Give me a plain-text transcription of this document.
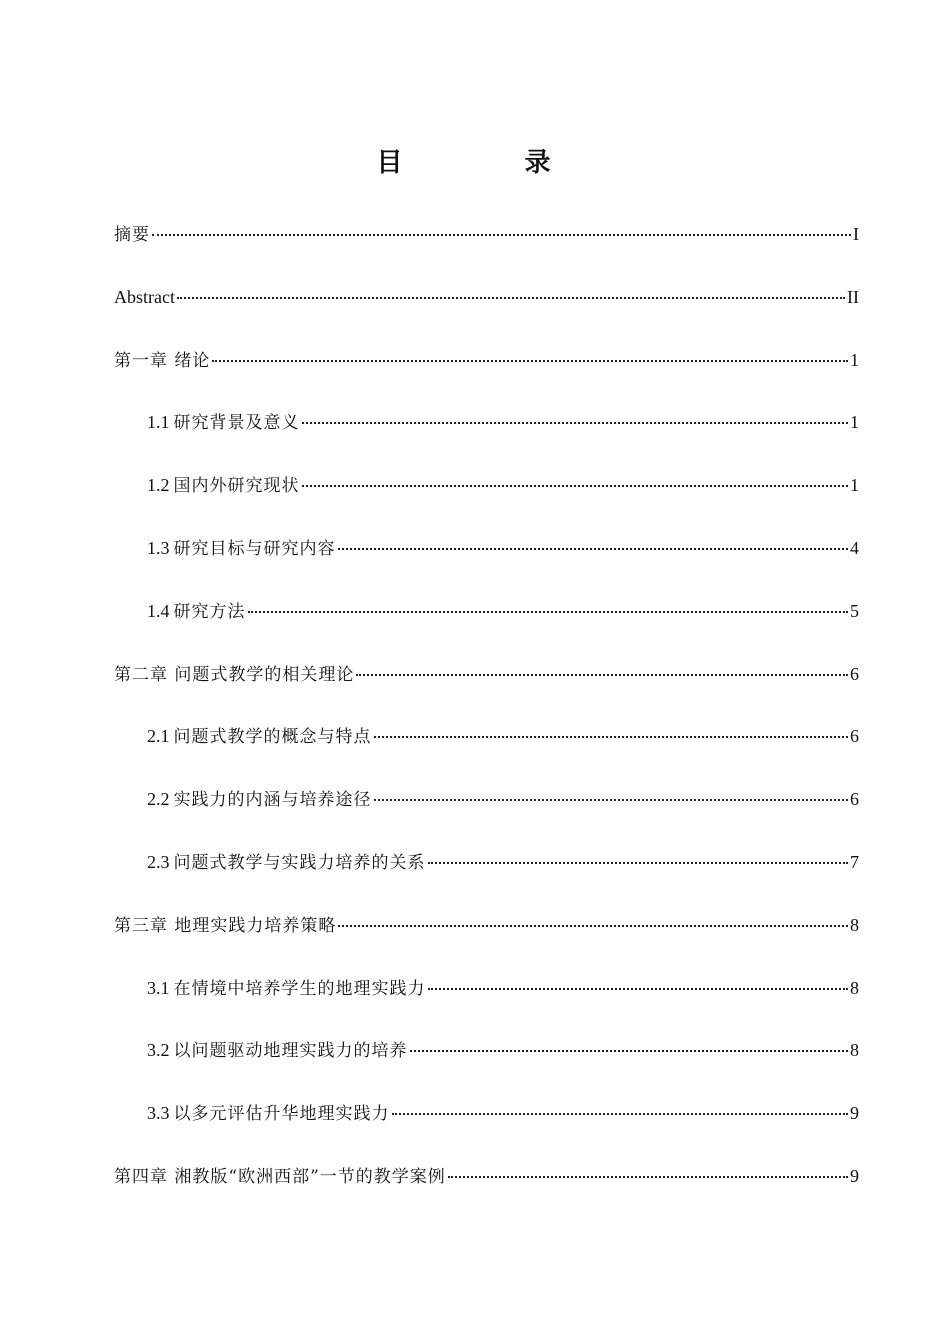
目　录
摘要	I
Abstract	II
第一章 绪论	1
1.1 研究背景及意义	1
1.2 国内外研究现状	1
1.3 研究目标与研究内容	4
1.4 研究方法	5
第二章 问题式教学的相关理论	6
2.1 问题式教学的概念与特点	6
2.2 实践力的内涵与培养途径	6
2.3 问题式教学与实践力培养的关系	7
第三章 地理实践力培养策略	8
3.1 在情境中培养学生的地理实践力	8
3.2 以问题驱动地理实践力的培养	8
3.3 以多元评估升华地理实践力	9
第四章 湘教版“欧洲西部”一节的教学案例	9
